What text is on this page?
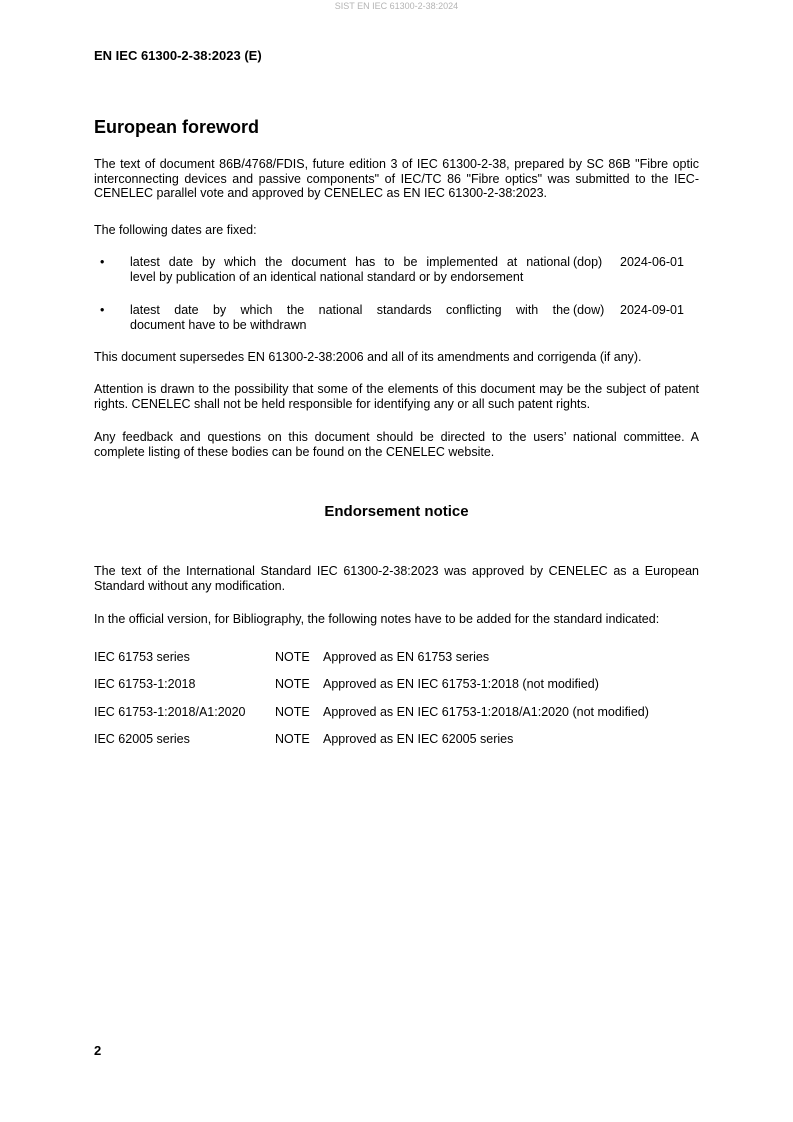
SIST EN IEC 61300-2-38:2024
EN IEC 61300-2-38:2023 (E)
European foreword

The text of document 86B/4768/FDIS, future edition 3 of IEC 61300-2-38, prepared by SC 86B "Fibre optic interconnecting devices and passive components" of IEC/TC 86 "Fibre optics" was submitted to the IEC-CENELEC parallel vote and approved by CENELEC as EN IEC 61300-2-38:2023.

The following dates are fixed:

• latest date by which the document has to be implemented at national
level by publication of an identical national standard or by endorsement
(dop) 2024-06-01
• latest date by which the national standards conflicting with the
document have to be withdrawn
(dow) 2024-09-01

This document supersedes EN 61300-2-38:2006 and all of its amendments and corrigenda (if any).

Attention is drawn to the possibility that some of the elements of this document may be the subject of patent rights. CENELEC shall not be held responsible for identifying any or all such patent rights.

Any feedback and questions on this document should be directed to the users’ national committee. A complete listing of these bodies can be found on the CENELEC website.

Endorsement notice

The text of the International Standard IEC 61300-2-38:2023 was approved by CENELEC as a European Standard without any modification.

In the official version, for Bibliography, the following notes have to be added for the standard indicated:

IEC 61753 series	NOTE Approved as EN 61753 series
IEC 61753-1:2018	NOTE Approved as EN IEC 61753-1:2018 (not modified)
IEC 61753-1:2018/A1:2020 NOTE Approved as EN IEC 61753-1:2018/A1:2020 (not modified)
IEC 62005 series	NOTE Approved as EN IEC 62005 series
2
